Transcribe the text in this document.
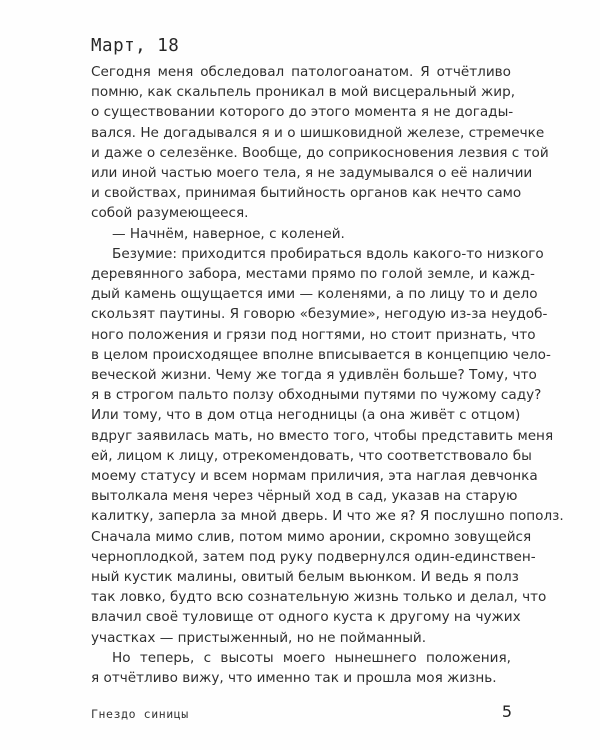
Март, 18
Сегодня меня обследовал патологоанатом. Я отчётливо
помню, как скальпель проникал в мой висцеральный жир,
о существовании которого до этого момента я не догады-
вался. Не догадывался я и о шишковидной железе, стремечке
и даже о селезёнке. Вообще, до соприкосновения лезвия с той
или иной частью моего тела, я не задумывался о её наличии
и свойствах, принимая бытийность органов как нечто само
собой разумеющееся.
— Начнём, наверное, с коленей.
Безумие: приходится пробираться вдоль какого-то низкого
деревянного забора, местами прямо по голой земле, и кажд-
дый камень ощущается ими — коленями, а по лицу то и дело
скользят паутины. Я говорю «безумие», негодую из-за неудоб-
ного положения и грязи под ногтями, но стоит признать, что
в целом происходящее вполне вписывается в концепцию чело-
веческой жизни. Чему же тогда я удивлён больше? Тому, что
я в строгом пальто ползу обходными путями по чужому саду?
Или тому, что в дом отца негодницы (а она живёт с отцом)
вдруг заявилась мать, но вместо того, чтобы представить меня
ей, лицом к лицу, отрекомендовать, что соответствовало бы
моему статусу и всем нормам приличия, эта наглая девчонка
вытолкала меня через чёрный ход в сад, указав на старую
калитку, заперла за мной дверь. И что же я? Я послушно пополз.
Сначала мимо слив, потом мимо аронии, скромно зовущейся
черноплодкой, затем под руку подвернулся один-единствен-
ный кустик малины, овитый белым вьюнком. И ведь я полз
так ловко, будто всю сознательную жизнь только и делал, что
влачил своё туловище от одного куста к другому на чужих
участках — пристыженный, но не пойманный.
Гнездо синицы	5
Но теперь, с высоты моего нынешнего положения,
я отчётливо вижу, что именно так и прошла моя жизнь.
